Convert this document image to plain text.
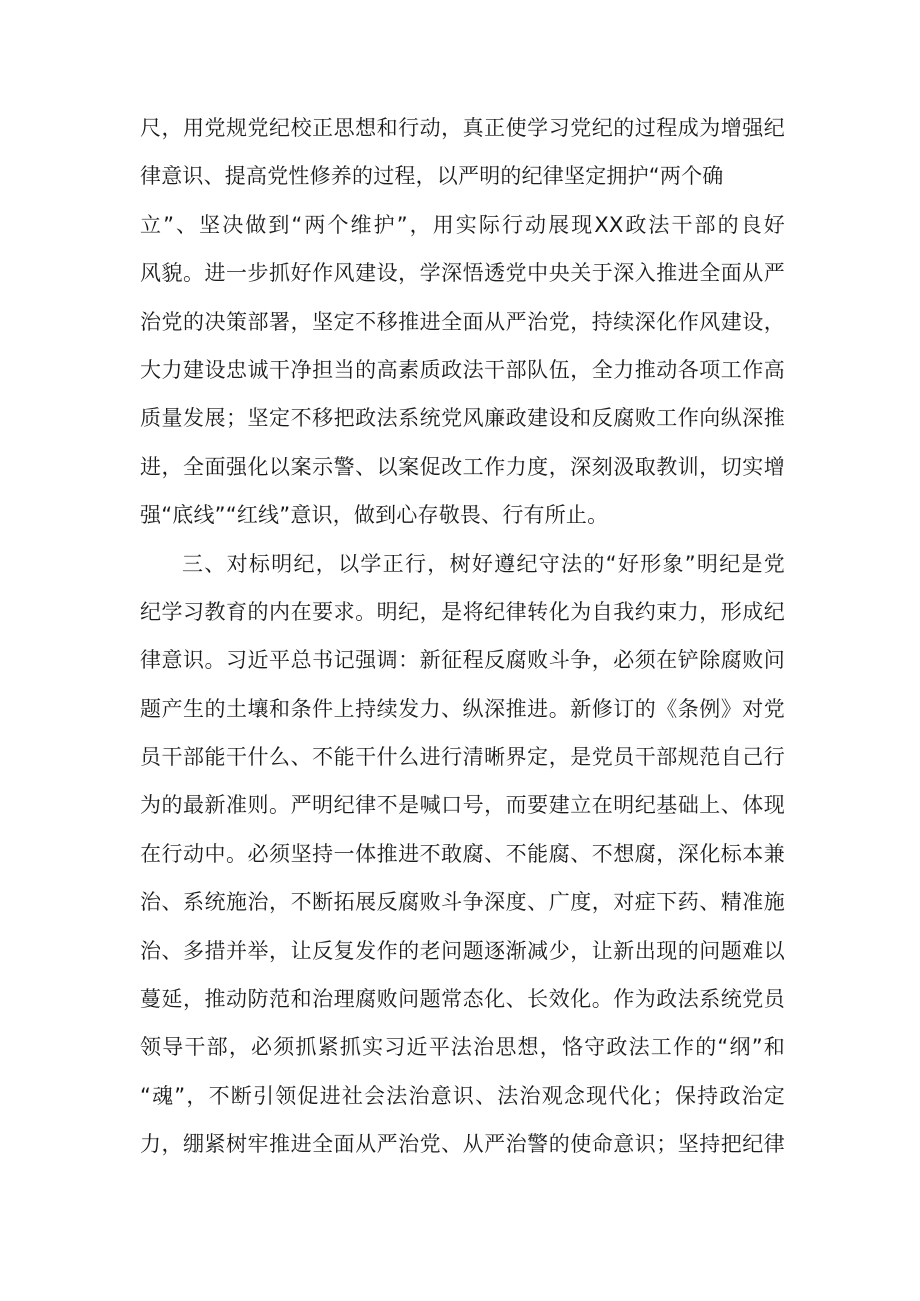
尺，用党规党纪校正思想和行动，真正使学习党纪的过程成为增强纪
律意识、提高党性修养的过程，以严明的纪律坚定拥护“两个确
立”、坚决做到“两个维护”，用实际行动展现XX政法干部的良好
风貌。进一步抓好作风建设，学深悟透党中央关于深入推进全面从严
治党的决策部署，坚定不移推进全面从严治党，持续深化作风建设，
大力建设忠诚干净担当的高素质政法干部队伍，全力推动各项工作高
质量发展；坚定不移把政法系统党风廉政建设和反腐败工作向纵深推
进，全面强化以案示警、以案促改工作力度，深刻汲取教训，切实增
强“底线”“红线”意识，做到心存敬畏、行有所止。
三、对标明纪，以学正行，树好遵纪守法的“好形象”明纪是党
纪学习教育的内在要求。明纪，是将纪律转化为自我约束力，形成纪
律意识。习近平总书记强调：新征程反腐败斗争，必须在铲除腐败问
题产生的土壤和条件上持续发力、纵深推进。新修订的《条例》对党
员干部能干什么、不能干什么进行清晰界定，是党员干部规范自己行
为的最新准则。严明纪律不是喊口号，而要建立在明纪基础上、体现
在行动中。必须坚持一体推进不敢腐、不能腐、不想腐，深化标本兼
治、系统施治，不断拓展反腐败斗争深度、广度，对症下药、精准施
治、多措并举，让反复发作的老问题逐渐减少，让新出现的问题难以
蔓延，推动防范和治理腐败问题常态化、长效化。作为政法系统党员
领导干部，必须抓紧抓实习近平法治思想，恪守政法工作的“纲”和
“魂”，不断引领促进社会法治意识、法治观念现代化；保持政治定
力，绷紧树牢推进全面从严治党、从严治警的使命意识；坚持把纪律
